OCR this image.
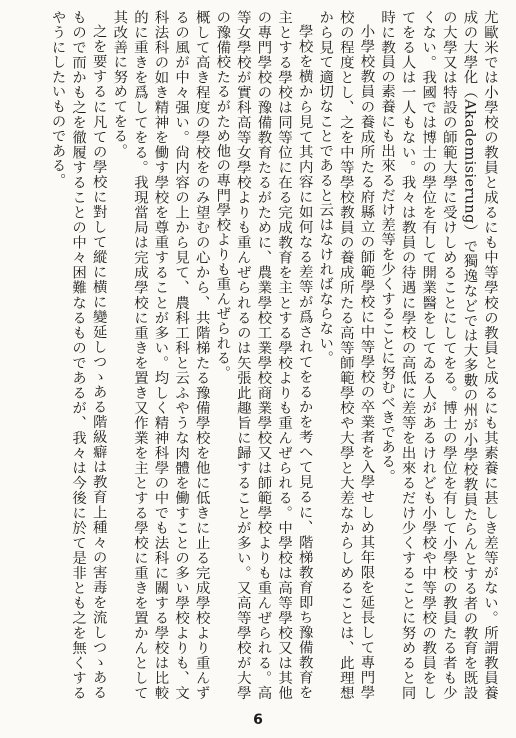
尤歐米では小學校の教員と成るにも中等學校の教員と成るにも其素養に甚しき差等がない。所謂教員養成の大學化（Akademisierung）で獨逸などでは大多數の州が小學校教員たらんとする者の教育を既設の大學又は特設の師範大學に受けしめることにしてをる。博士の學位を有して小學校の教員たる者も少くない。我國では博士の學位を有して開業醫をしてゐる人があるけれども小學校や中等學校の教員をしてをる人は一人もない。我々は教員の待遇に學校の高低に差等を出來るだけ少くすることに努めると同時に教員の素養にも出來るだけ差等を少くすることに努むべきである。

小學校教員の養成所たる府縣立の師範學校に中等學校の卒業者を入學せしめ其年限を延長して專門學校の程度とし、之を中等學校教員の養成所たる高等師範學校や大學と大差なからしめることは、此理想から見て適切なことであると云はなければならない。

學校を横から見て其内容に如何なる差等が爲されてをるかを考へて見るに、階梯教育即ち豫備教育を主とする學校は同等位に在る完成教育を主とする學校よりも重んぜられる。中學校は高等學校又は其他の專門學校の豫備教育たるがために、農業學校工業學校商業學校又は師範學校よりも重んぜられる。高等女學校が實科高等女學校よりも重んぜられるのは矢張此趣旨に歸することが多い。又高等學校が大學の豫備校たるがため他の專門學校よりも重んぜられる。

概して高き程度の學校をのみ望むの心から、共階梯たる豫備學校を他に低きに止る完成學校より重んずるの風が中々强い。尙内容の上から見て、農科工科と云ふやうな肉體を働すことの多い學校よりも、文科法科の如き精神を働す學校を尊重することが多い。均しく精神科學の中でも法科に關する學校は比較的に重きを爲してをる。我現當局は完成學校に重きを置き又作業を主とする學校に重きを置かんとして其改善に努めてをる。

之を要するに凡ての學校に對して縱に横に變延しつゝある階級癖は教育上種々の害毒を流しつゝあるもので而かも之を徹履することの中々困難なるものであるが、我々は今後に於て是非とも之を無くするやうにしたいものである。

6
